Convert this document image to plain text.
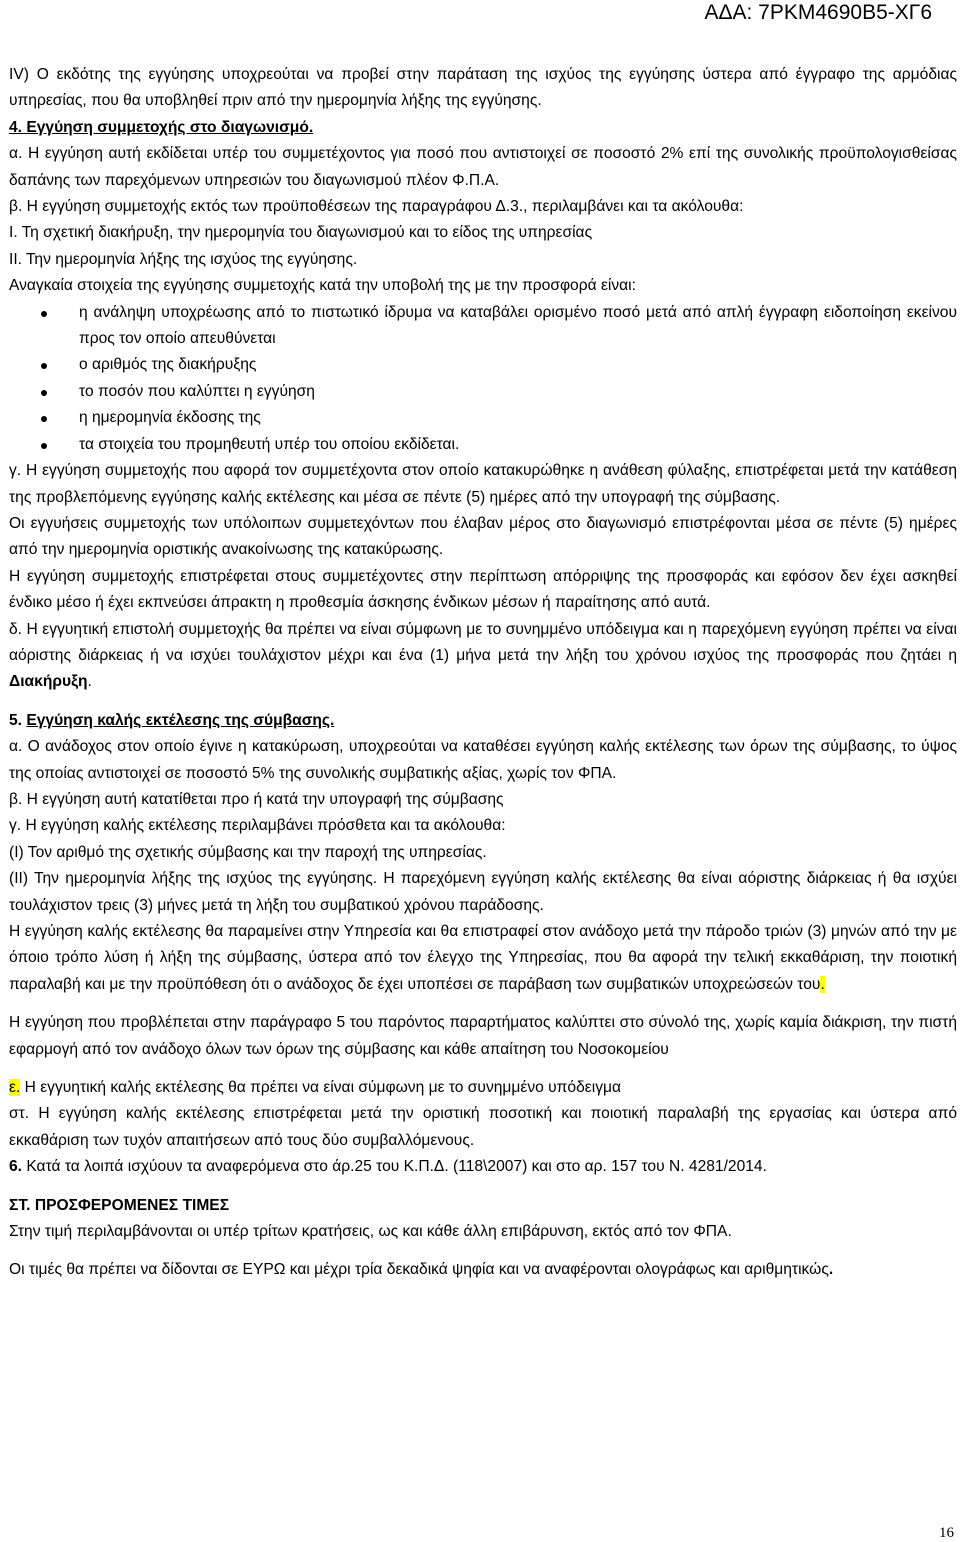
ΑΔΑ: 7ΡΚΜ4690Β5-ΧΓ6

IV) Ο εκδότης της εγγύησης υποχρεούται να προβεί στην παράταση της ισχύος της εγγύησης ύστερα από έγγραφο της αρμόδιας υπηρεσίας, που θα υποβληθεί πριν από την ημερομηνία λήξης της εγγύησης.

4. Εγγύηση συμμετοχής στο διαγωνισμό.

α. Η εγγύηση αυτή εκδίδεται υπέρ του συμμετέχοντος για ποσό που αντιστοιχεί σε ποσοστό 2% επί της συνολικής προϋπολογισθείσας δαπάνης των παρεχόμενων υπηρεσιών του διαγωνισμού πλέον Φ.Π.Α.

β. Η εγγύηση συμμετοχής εκτός των προϋποθέσεων της παραγράφου Δ.3., περιλαμβάνει και τα ακόλουθα:

Ι. Τη σχετική διακήρυξη, την ημερομηνία του διαγωνισμού και το είδος της υπηρεσίας

ΙΙ. Την ημερομηνία λήξης της ισχύος της εγγύησης.

Αναγκαία στοιχεία της εγγύησης συμμετοχής κατά την υποβολή της με την προσφορά είναι:

η ανάληψη υποχρέωσης από το πιστωτικό ίδρυμα να καταβάλει ορισμένο ποσό μετά από απλή έγγραφη ειδοποίηση εκείνου προς τον οποίο απευθύνεται
ο αριθμός της διακήρυξης
το ποσόν που καλύπτει η εγγύηση
η ημερομηνία έκδοσης της
τα στοιχεία του προμηθευτή υπέρ του οποίου εκδίδεται.

γ. Η εγγύηση συμμετοχής που αφορά τον συμμετέχοντα στον οποίο κατακυρώθηκε η ανάθεση φύλαξης, επιστρέφεται μετά την κατάθεση της προβλεπόμενης εγγύησης καλής εκτέλεσης και μέσα σε πέντε (5) ημέρες από την υπογραφή της σύμβασης.

Οι εγγυήσεις συμμετοχής των υπόλοιπων συμμετεχόντων που έλαβαν μέρος στο διαγωνισμό επιστρέφονται μέσα σε πέντε (5) ημέρες από την ημερομηνία οριστικής ανακοίνωσης της κατακύρωσης.

Η εγγύηση συμμετοχής επιστρέφεται στους συμμετέχοντες στην περίπτωση απόρριψης της προσφοράς και εφόσον δεν έχει ασκηθεί ένδικο μέσο ή έχει εκπνεύσει άπρακτη η προθεσμία άσκησης ένδικων μέσων ή παραίτησης από αυτά.

δ. Η εγγυητική επιστολή συμμετοχής θα πρέπει να είναι σύμφωνη με το συνημμένο υπόδειγμα και η παρεχόμενη εγγύηση πρέπει να είναι αόριστης διάρκειας ή να ισχύει τουλάχιστον μέχρι και ένα (1) μήνα μετά την λήξη του χρόνου ισχύος της προσφοράς που ζητάει η Διακήρυξη.

5. Εγγύηση καλής εκτέλεσης της σύμβασης.

α. Ο ανάδοχος στον οποίο έγινε η κατακύρωση, υποχρεούται να καταθέσει εγγύηση καλής εκτέλεσης των όρων της σύμβασης, το ύψος της οποίας αντιστοιχεί σε ποσοστό 5% της συνολικής συμβατικής αξίας, χωρίς τον ΦΠΑ.

β. Η εγγύηση αυτή κατατίθεται προ ή κατά την υπογραφή της σύμβασης

γ. Η εγγύηση καλής εκτέλεσης περιλαμβάνει πρόσθετα και τα ακόλουθα:

(Ι) Τον αριθμό της σχετικής σύμβασης και την παροχή της υπηρεσίας.

(ΙΙ) Την ημερομηνία λήξης της ισχύος της εγγύησης. Η παρεχόμενη εγγύηση καλής εκτέλεσης θα είναι αόριστης διάρκειας ή θα ισχύει τουλάχιστον τρεις (3) μήνες μετά τη λήξη του συμβατικού χρόνου παράδοσης.

Η εγγύηση καλής εκτέλεσης θα παραμείνει στην Υπηρεσία και θα επιστραφεί στον ανάδοχο μετά την πάροδο τριών (3) μηνών από την με όποιο τρόπο λύση ή λήξη της σύμβασης, ύστερα από τον έλεγχο της Υπηρεσίας, που θα αφορά την τελική εκκαθάριση, την ποιοτική παραλαβή και με την προϋπόθεση ότι ο ανάδοχος δε έχει υποπέσει σε παράβαση των συμβατικών υποχρεώσεών του.

Η εγγύηση που προβλέπεται στην παράγραφο 5 του παρόντος παραρτήματος καλύπτει στο σύνολό της, χωρίς καμία διάκριση, την πιστή εφαρμογή από τον ανάδοχο όλων των όρων της σύμβασης και κάθε απαίτηση του Νοσοκομείου

ε. Η εγγυητική καλής εκτέλεσης θα πρέπει να είναι σύμφωνη με το συνημμένο υπόδειγμα

στ. Η εγγύηση καλής εκτέλεσης επιστρέφεται μετά την οριστική ποσοτική και ποιοτική παραλαβή της εργασίας και ύστερα από εκκαθάριση των τυχόν απαιτήσεων από τους δύο συμβαλλόμενους.

6. Κατά τα λοιπά ισχύουν τα αναφερόμενα στο άρ.25 του Κ.Π.Δ. (118\2007) και στο αρ. 157 του Ν. 4281/2014.

ΣΤ. ΠΡΟΣΦΕΡΟΜΕΝΕΣ ΤΙΜΕΣ

Στην τιμή περιλαμβάνονται οι υπέρ τρίτων κρατήσεις, ως και κάθε άλλη επιβάρυνση, εκτός από τον ΦΠΑ.

Οι τιμές θα πρέπει να δίδονται σε ΕΥΡΩ και μέχρι τρία δεκαδικά ψηφία και να αναφέρονται ολογράφως και αριθμητικώς.

16
